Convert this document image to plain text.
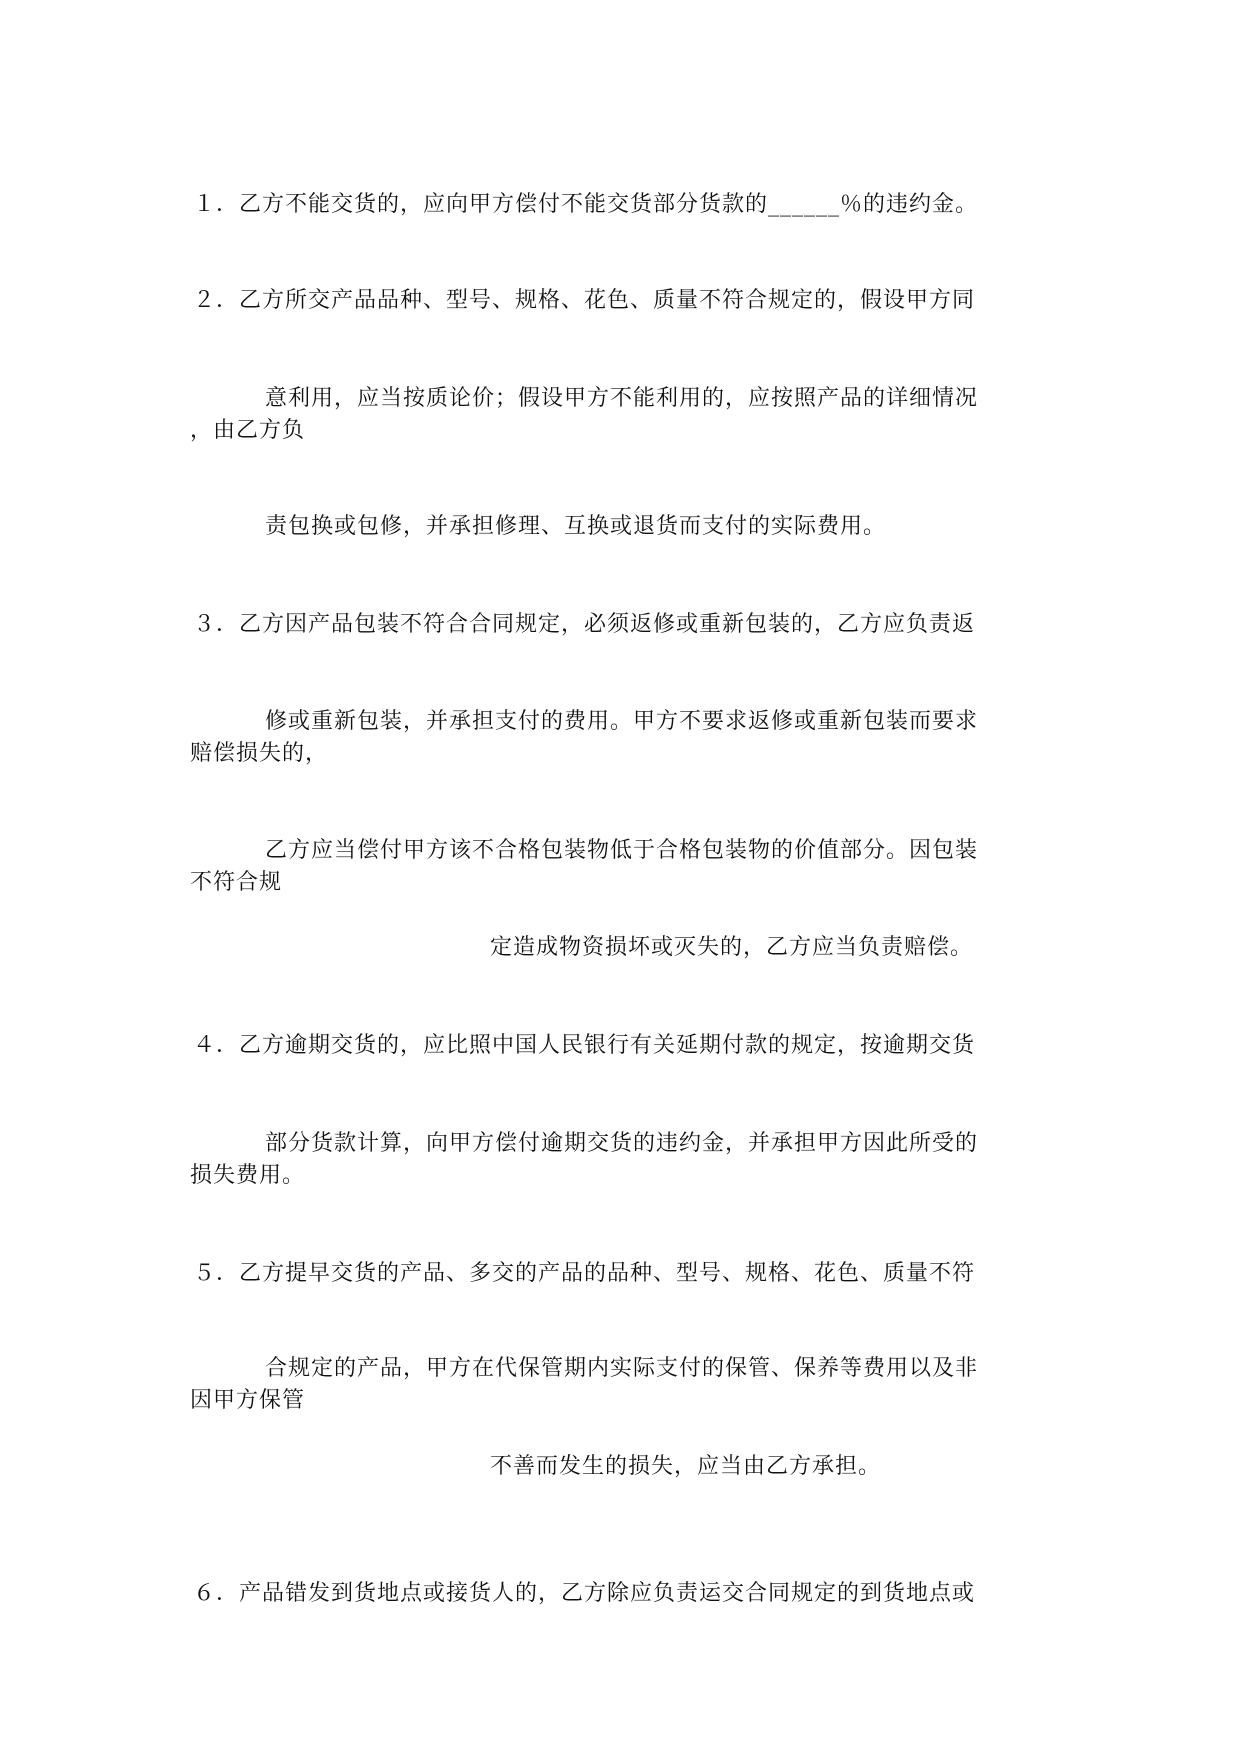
１．乙方不能交货的，应向甲方偿付不能交货部分货款的______％的违约金。
２．乙方所交产品品种、型号、规格、花色、质量不符合规定的，假设甲方同
意利用，应当按质论价；假设甲方不能利用的，应按照产品的详细情况
，由乙方负
责包换或包修，并承担修理、互换或退货而支付的实际费用。
３．乙方因产品包装不符合合同规定，必须返修或重新包装的，乙方应负责返
修或重新包装，并承担支付的费用。甲方不要求返修或重新包装而要求
赔偿损失的，
乙方应当偿付甲方该不合格包装物低于合格包装物的价值部分。因包装
不符合规
定造成物资损坏或灭失的，乙方应当负责赔偿。
４．乙方逾期交货的，应比照中国人民银行有关延期付款的规定，按逾期交货
部分货款计算，向甲方偿付逾期交货的违约金，并承担甲方因此所受的
损失费用。
５．乙方提早交货的产品、多交的产品的品种、型号、规格、花色、质量不符
合规定的产品，甲方在代保管期内实际支付的保管、保养等费用以及非
因甲方保管
不善而发生的损失，应当由乙方承担。
６．产品错发到货地点或接货人的，乙方除应负责运交合同规定的到货地点或
